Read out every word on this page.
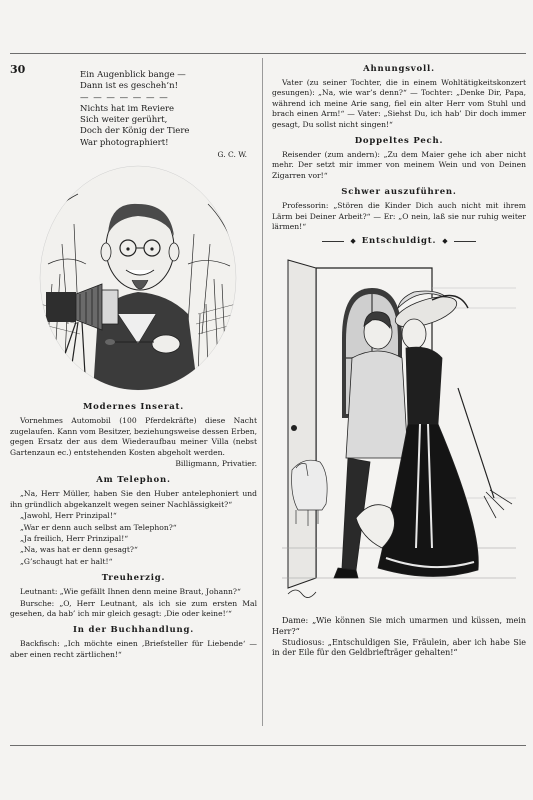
30	Ein Augenblick bange —
Dann ist es gescheh’n!
— — — — — — —
Nichts hat im Reviere
Sich weiter gerührt,
Doch der König der Tiere
War photographiert!
G. C. W.
Modernes Inserat.

Vornehmes Automobil (100 Pferdekräfte) diese Nacht zugelaufen. Kann vom Besitzer, beziehungsweise dessen Erben, gegen Ersatz der aus dem Wiederaufbau meiner Villa (nebst Gartenzaun ec.) entstehenden Kosten abgeholt werden.

Billigmann, Privatier.

Am Telephon.

„Na, Herr Müller, haben Sie den Huber antelephoniert und ihn gründlich abgekanzelt wegen seiner Nachlässigkeit?“

„Jawohl, Herr Prinzipal!“

„War er denn auch selbst am Telephon?“

„Ja freilich, Herr Prinzipal!“

„Na, was hat er denn gesagt?“

„G’schaugt hat er halt!“

Treuherzig.

Leutnant: „Wie gefällt Ihnen denn meine Braut, Johann?“

Bursche: „O, Herr Leutnant, als ich sie zum ersten Mal gesehen, da hab’ ich mir gleich gesagt: ‚Die oder keine!‘“

In der Buchhandlung.

Backfisch: „Ich möchte einen ‚Briefsteller für Liebende‘ — aber einen recht zärtlichen!“

Ahnungsvoll.

Vater (zu seiner Tochter, die in einem Wohltätigkeitskonzert gesungen): „Na, wie war’s denn?“ — Tochter: „Denke Dir, Papa, während ich meine Arie sang, fiel ein alter Herr vom Stuhl und brach einen Arm!“ — Vater: „Siehst Du, ich hab’ Dir doch immer gesagt, Du sollst nicht singen!“

Doppeltes Pech.

Reisender (zum andern): „Zu dem Maier gehe ich aber nicht mehr. Der setzt mir immer von meinem Wein und von Deinen Zigarren vor!“

Schwer auszuführen.

Professorin: „Stören die Kinder Dich auch nicht mit ihrem Lärm bei Deiner Arbeit?“ — Er: „O nein, laß sie nur ruhig weiter lärmen!“

◆ Entschuldigt. ◆

Dame: „Wie können Sie mich umarmen und küssen, mein Herr?“

Studiosus: „Entschuldigen Sie, Fräulein, aber ich habe Sie in der Eile für den Geldbriefträger gehalten!“
